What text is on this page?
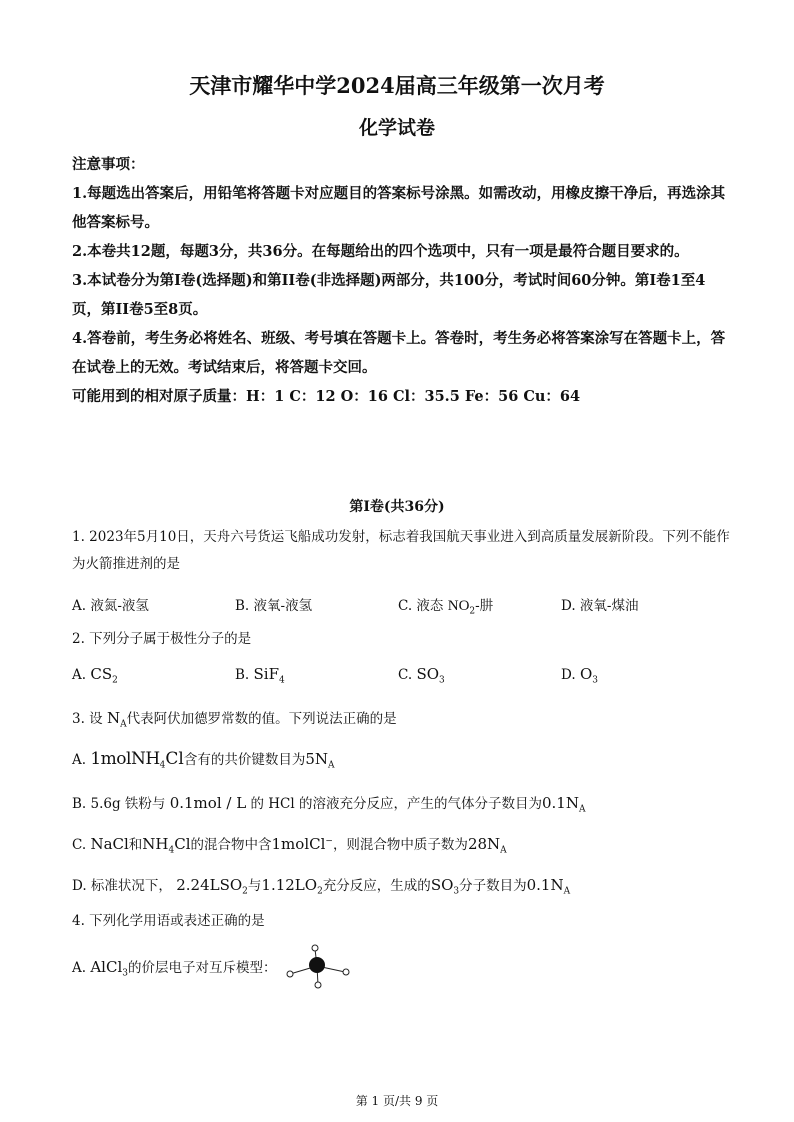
天津市耀华中学2024届高三年级第一次月考
化学试卷

注意事项：

1.每题选出答案后，用铅笔将答题卡对应题目的答案标号涂黑。如需改动，用橡皮擦干净后，再选涂其他答案标号。

2.本卷共12题，每题3分，共36分。在每题给出的四个选项中，只有一项是最符合题目要求的。

3.本试卷分为第I卷(选择题)和第II卷(非选择题)两部分，共100分，考试时间60分钟。第I卷1至4页，第II卷5至8页。

4.答卷前，考生务必将姓名、班级、考号填在答题卡上。答卷时，考生务必将答案涂写在答题卡上，答在试卷上的无效。考试结束后，将答题卡交回。

可能用到的相对原子质量：H：1 C：12 O：16 Cl：35.5 Fe：56 Cu：64

第I卷(共36分)
1. 2023年5月10日，天舟六号货运飞船成功发射，标志着我国航天事业进入到高质量发展新阶段。下列不能作为火箭推进剂的是
A. 液氮-液氢	B. 液氧-液氢	C. 液态 $NO_2-$肼	D. 液氧-煤油
2. 下列分子属于极性分子的是
A. $CS_2$	B. SiF$_4$	C. $SO_3$	D. $O_3$
3. 设 $N_A$代表阿伏加德罗常数的值。下列说法正确的是
A. 1molNH$_4$Cl含有的共价键数目为$5N_A$
B. 5.6g 铁粉与 0.1mol / L 的 HCl 的溶液充分反应，产生的气体分子数目为$0.1N_A$
C. NaCl和$NH_4Cl$的混合物中含1molCl−，则混合物中质子数为$28N_A$
D. 标准状况下， $2.24LSO_2$与$1.12LO_2$充分反应，生成的$SO_3$分子数目为$0.1N_A$
4. 下列化学用语或表述正确的是
A. AlCl$_3$的价层电子对互斥模型：
第 1 页/共 9 页
